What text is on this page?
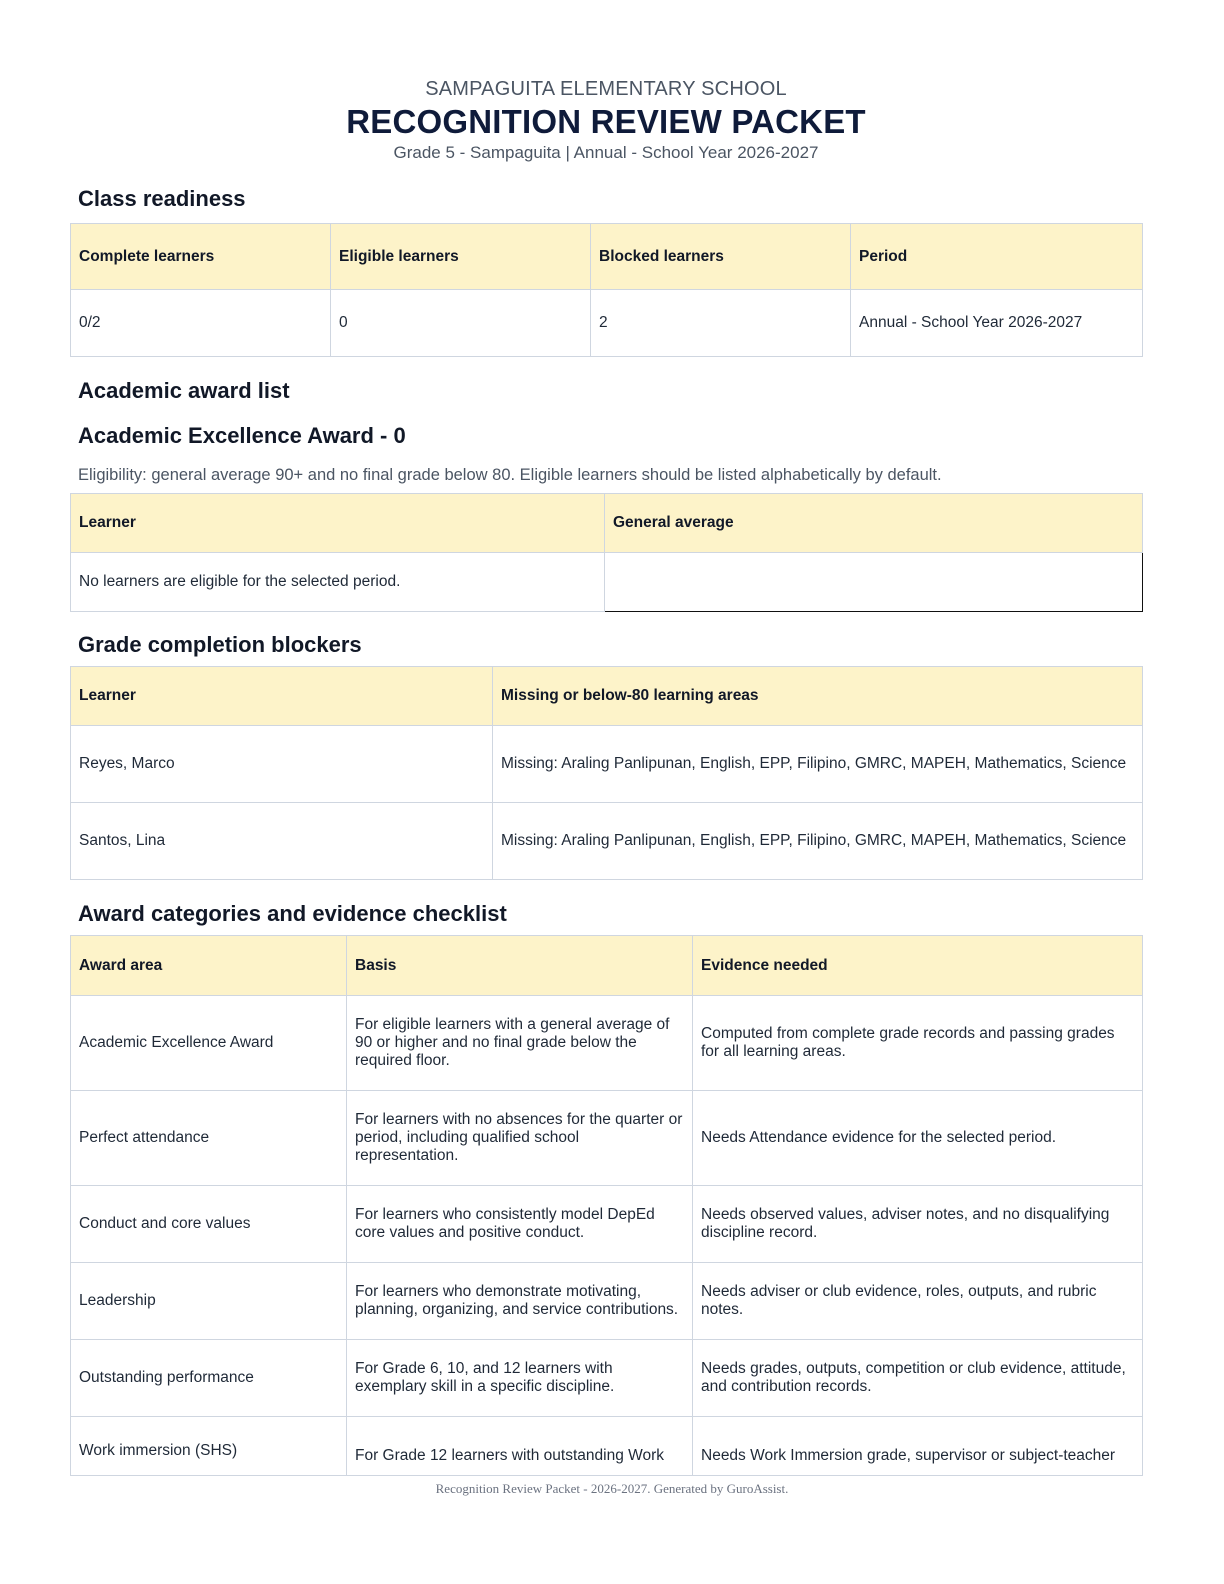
SAMPAGUITA ELEMENTARY SCHOOL
RECOGNITION REVIEW PACKET
Grade 5 - Sampaguita | Annual - School Year 2026-2027
Class readiness
Complete learners	Eligible learners	Blocked learners	Period
0/2	0	2	Annual - School Year 2026-2027
Academic award list
Academic Excellence Award - 0
Eligibility: general average 90+ and no final grade below 80. Eligible learners should be listed alphabetically by default.
Learner	General average
No learners are eligible for the selected period.	
Grade completion blockers
Learner	Missing or below-80 learning areas
Reyes, Marco	Missing: Araling Panlipunan, English, EPP, Filipino, GMRC, MAPEH, Mathematics, Science
Santos, Lina	Missing: Araling Panlipunan, English, EPP, Filipino, GMRC, MAPEH, Mathematics, Science
Award categories and evidence checklist
Award area	Basis	Evidence needed
Academic Excellence Award	For eligible learners with a general average of 90 or higher and no final grade below the required floor.	Computed from complete grade records and passing grades for all learning areas.
Perfect attendance	For learners with no absences for the quarter or period, including qualified school representation.	Needs Attendance evidence for the selected period.
Conduct and core values	For learners who consistently model DepEd core values and positive conduct.	Needs observed values, adviser notes, and no disqualifying discipline record.
Leadership	For learners who demonstrate motivating, planning, organizing, and service contributions.	Needs adviser or club evidence, roles, outputs, and rubric notes.
Outstanding performance	For Grade 6, 10, and 12 learners with exemplary skill in a specific discipline.	Needs grades, outputs, competition or club evidence, attitude, and contribution records.
Work immersion (SHS)	For Grade 12 learners with outstanding Work	Needs Work Immersion grade, supervisor or subject-teacher
Recognition Review Packet - 2026-2027. Generated by GuroAssist.
